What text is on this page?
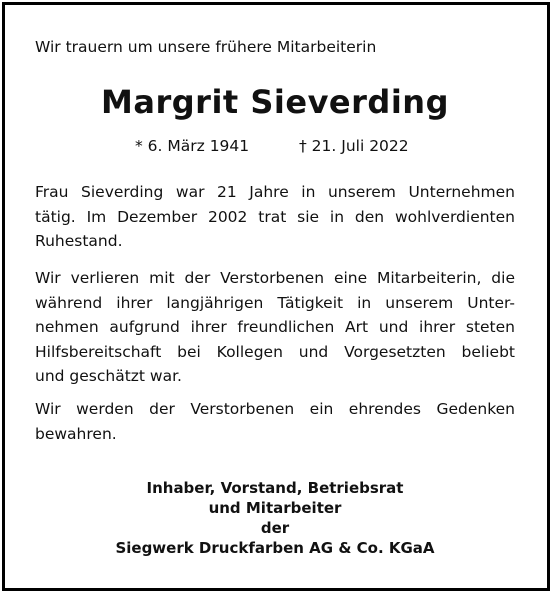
Wir trauern um unsere frühere Mitarbeiterin
Margrit Sieverding
* 6. März 1941	† 21. Juli 2022

Frau Sieverding war 21 Jahre in unserem Unternehmen
tätig. Im Dezember 2002 trat sie in den wohlverdienten
Ruhestand.

Wir verlieren mit der Verstorbenen eine Mitarbeiterin, die
während ihrer langjährigen Tätigkeit in unserem Unter-
nehmen aufgrund ihrer freundlichen Art und ihrer steten
Hilfsbereitschaft bei Kollegen und Vorgesetzten beliebt
und geschätzt war.

Wir werden der Verstorbenen ein ehrendes Gedenken
bewahren.

Inhaber, Vorstand, Betriebsrat
und Mitarbeiter
der
Siegwerk Druckfarben AG & Co. KGaA
